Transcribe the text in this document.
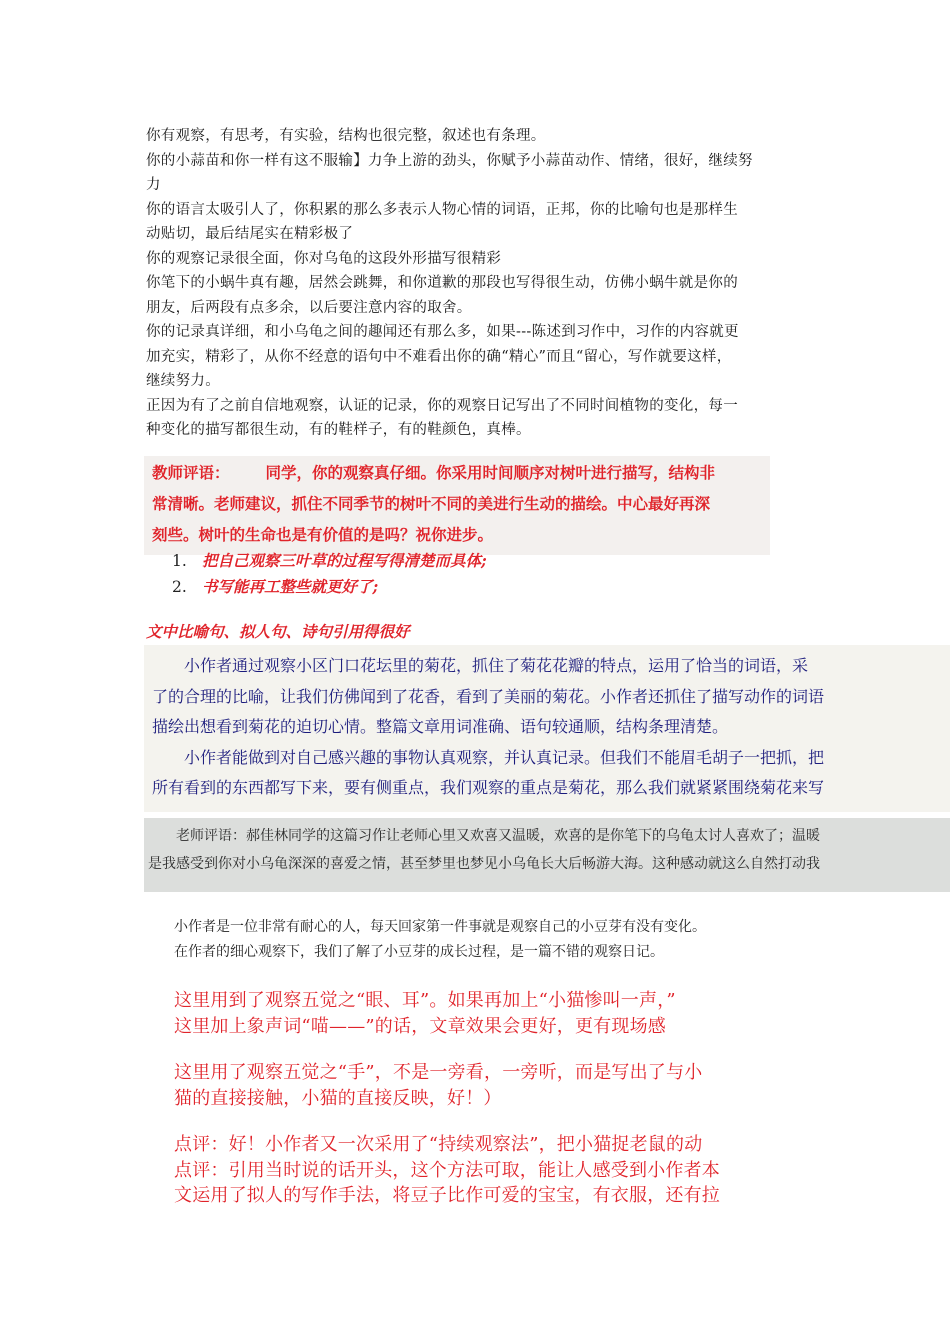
你有观察，有思考，有实验，结构也很完整，叙述也有条理。

你的小蒜苗和你一样有这不服输】力争上游的劲头，你赋予小蒜苗动作、情绪，很好，继续努

力

你的语言太吸引人了，你积累的那么多表示人物心情的词语，正邦，你的比喻句也是那样生

动贴切，最后结尾实在精彩极了

你的观察记录很全面，你对乌龟的这段外形描写很精彩

你笔下的小蜗牛真有趣，居然会跳舞，和你道歉的那段也写得很生动，仿佛小蜗牛就是你的

朋友，后两段有点多余，以后要注意内容的取舍。

你的记录真详细，和小乌龟之间的趣闻还有那么多，如果---陈述到习作中，习作的内容就更

加充实，精彩了，从你不经意的语句中不难看出你的确“精心”而且“留心，写作就要这样，

继续努力。

正因为有了之前自信地观察，认证的记录，你的观察日记写出了不同时间植物的变化，每一

种变化的描写都很生动，有的鞋样子，有的鞋颜色，真棒。

教师评语： 同学，你的观察真仔细。你采用时间顺序对树叶进行描写，结构非
常清晰。老师建议，抓住不同季节的树叶不同的美进行生动的描绘。中心最好再深
刻些。树叶的生命也是有价值的是吗？祝你进步。
1. 把自己观察三叶草的过程写得清楚而具体;
2. 书写能再工整些就更好了;
文中比喻句、拟人句、诗句引用得很好

　　小作者通过观察小区门口花坛里的菊花，抓住了菊花花瓣的特点，运用了恰当的词语，采

了的合理的比喻，让我们仿佛闻到了花香，看到了美丽的菊花。小作者还抓住了描写动作的词语

描绘出想看到菊花的迫切心情。整篇文章用词准确、语句较通顺，结构条理清楚。

　　小作者能做到对自己感兴趣的事物认真观察，并认真记录。但我们不能眉毛胡子一把抓，把

所有看到的东西都写下来，要有侧重点，我们观察的重点是菊花，那么我们就紧紧围绕菊花来写

　　老师评语：郝佳林同学的这篇习作让老师心里又欢喜又温暖，欢喜的是你笔下的乌龟太讨人喜欢了；温暖

是我感受到你对小乌龟深深的喜爱之情，甚至梦里也梦见小乌龟长大后畅游大海。这种感动就这么自然打动我

小作者是一位非常有耐心的人，每天回家第一件事就是观察自己的小豆芽有没有变化。

在作者的细心观察下，我们了解了小豆芽的成长过程，是一篇不错的观察日记。

这里用到了观察五觉之“眼、耳”。如果再加上“小猫惨叫一声，”

这里加上象声词“喵——”的话，文章效果会更好，更有现场感

这里用了观察五觉之“手”，不是一旁看，一旁听，而是写出了与小

猫的直接接触，小猫的直接反映，好！）

点评：好！小作者又一次采用了“持续观察法”，把小猫捉老鼠的动

点评：引用当时说的话开头，这个方法可取，能让人感受到小作者本

文运用了拟人的写作手法，将豆子比作可爱的宝宝，有衣服，还有拉
